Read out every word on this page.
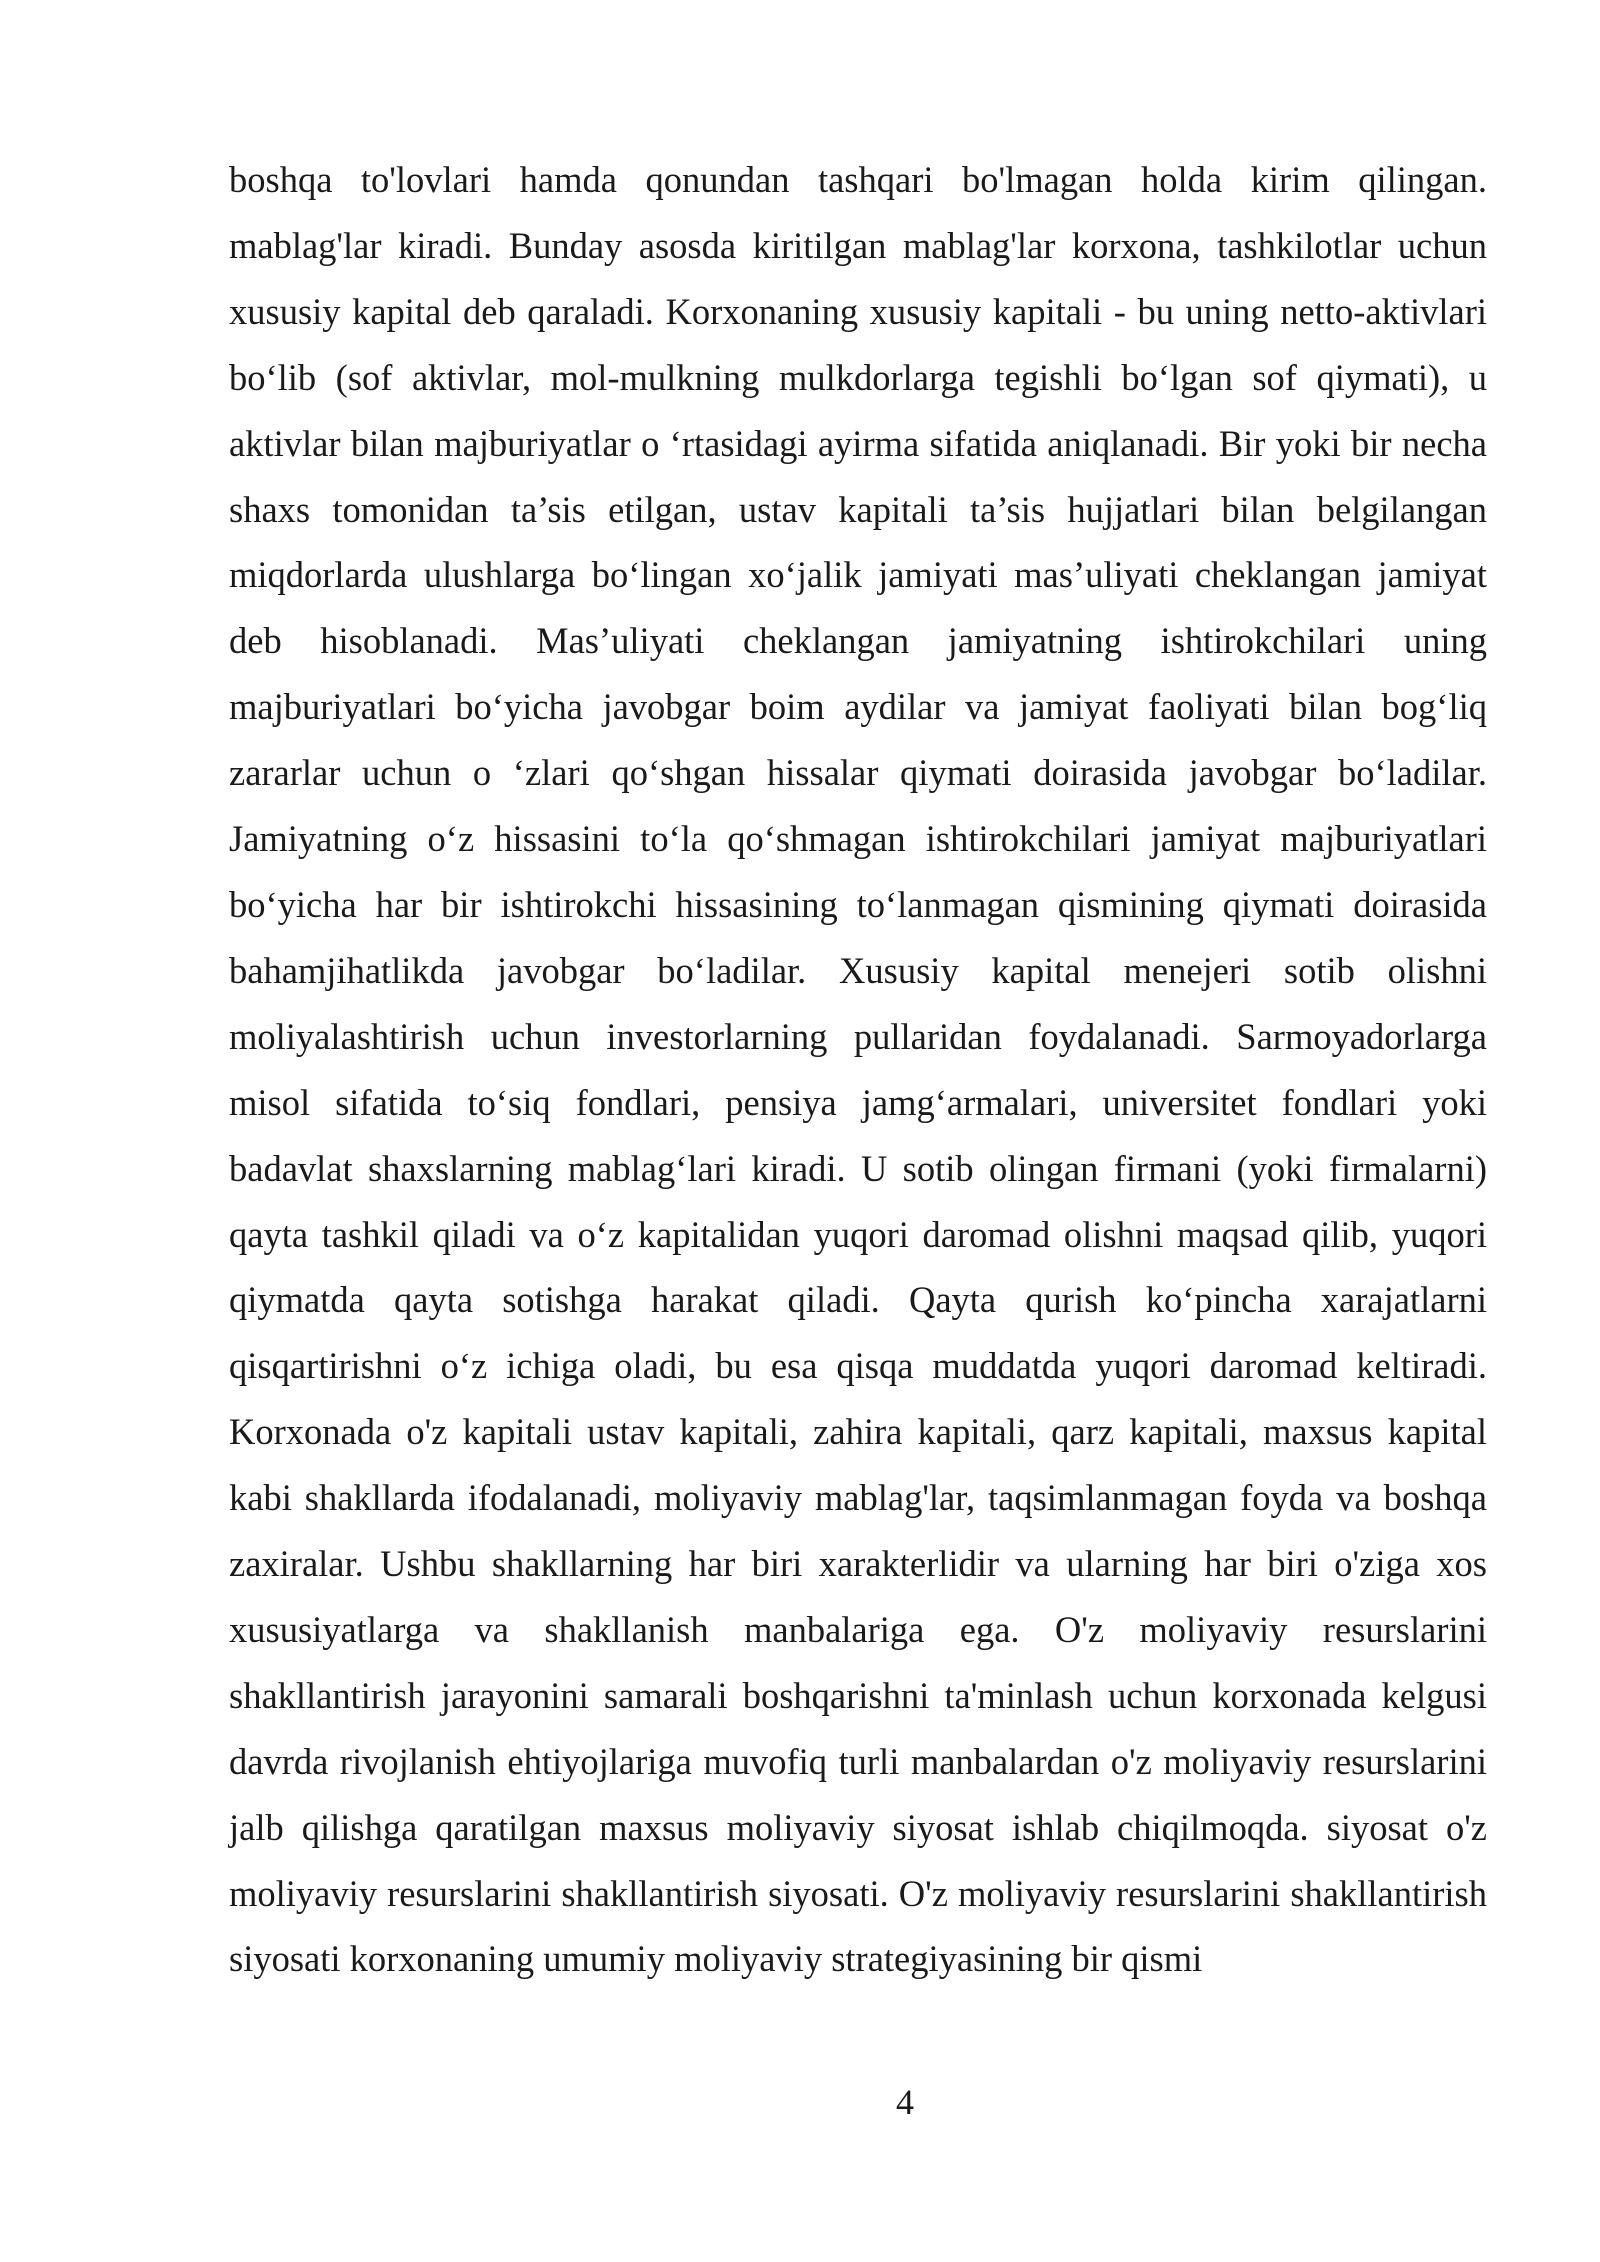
boshqa to'lovlari hamda qonundan tashqari bo'lmagan holda kirim qilingan. mablag'lar kiradi. Bunday asosda kiritilgan mablag'lar korxona, tashkilotlar uchun xususiy kapital deb qaraladi. Korxonaning xususiy kapitali - bu uning netto-aktivlari bo‘lib (sof aktivlar, mol-mulkning mulkdorlarga tegishli bo‘lgan sof qiymati), u aktivlar bilan majburiyatlar o ‘rtasidagi ayirma sifatida aniqlanadi. Bir yoki bir necha shaxs tomonidan ta’sis etilgan, ustav kapitali ta’sis hujjatlari bilan belgilangan miqdorlarda ulushlarga bo‘lingan xo‘jalik jamiyati mas’uliyati cheklangan jamiyat deb hisoblanadi. Mas’uliyati cheklangan jamiyatning ishtirokchilari uning majburiyatlari bo‘yicha javobgar boim aydilar va jamiyat faoliyati bilan bog‘liq zararlar uchun o ‘zlari qo‘shgan hissalar qiymati doirasida javobgar bo‘ladilar. Jamiyatning o‘z hissasini to‘la qo‘shmagan ishtirokchilari jamiyat majburiyatlari bo‘yicha har bir ishtirokchi hissasining to‘lanmagan qismining qiymati doirasida bahamjihatlikda javobgar bo‘ladilar. Xususiy kapital menejeri sotib olishni moliyalashtirish uchun investorlarning pullaridan foydalanadi. Sarmoyadorlarga misol sifatida to‘siq fondlari, pensiya jamg‘armalari, universitet fondlari yoki badavlat shaxslarning mablag‘lari kiradi. U sotib olingan firmani (yoki firmalarni) qayta tashkil qiladi va o‘z kapitalidan yuqori daromad olishni maqsad qilib, yuqori qiymatda qayta sotishga harakat qiladi. Qayta qurish ko‘pincha xarajatlarni qisqartirishni o‘z ichiga oladi, bu esa qisqa muddatda yuqori daromad keltiradi. Korxonada o'z kapitali ustav kapitali, zahira kapitali, qarz kapitali, maxsus kapital kabi shakllarda ifodalanadi, moliyaviy mablag'lar, taqsimlanmagan foyda va boshqa zaxiralar. Ushbu shakllarning har biri xarakterlidir va ularning har biri o'ziga xos xususiyatlarga va shakllanish manbalariga ega. O'z moliyaviy resurslarini shakllantirish jarayonini samarali boshqarishni ta'minlash uchun korxonada kelgusi davrda rivojlanish ehtiyojlariga muvofiq turli manbalardan o'z moliyaviy resurslarini jalb qilishga qaratilgan maxsus moliyaviy siyosat ishlab chiqilmoqda. siyosat o'z moliyaviy resurslarini shakllantirish siyosati. O'z moliyaviy resurslarini shakllantirish siyosati korxonaning umumiy moliyaviy strategiyasining bir qismi

4
